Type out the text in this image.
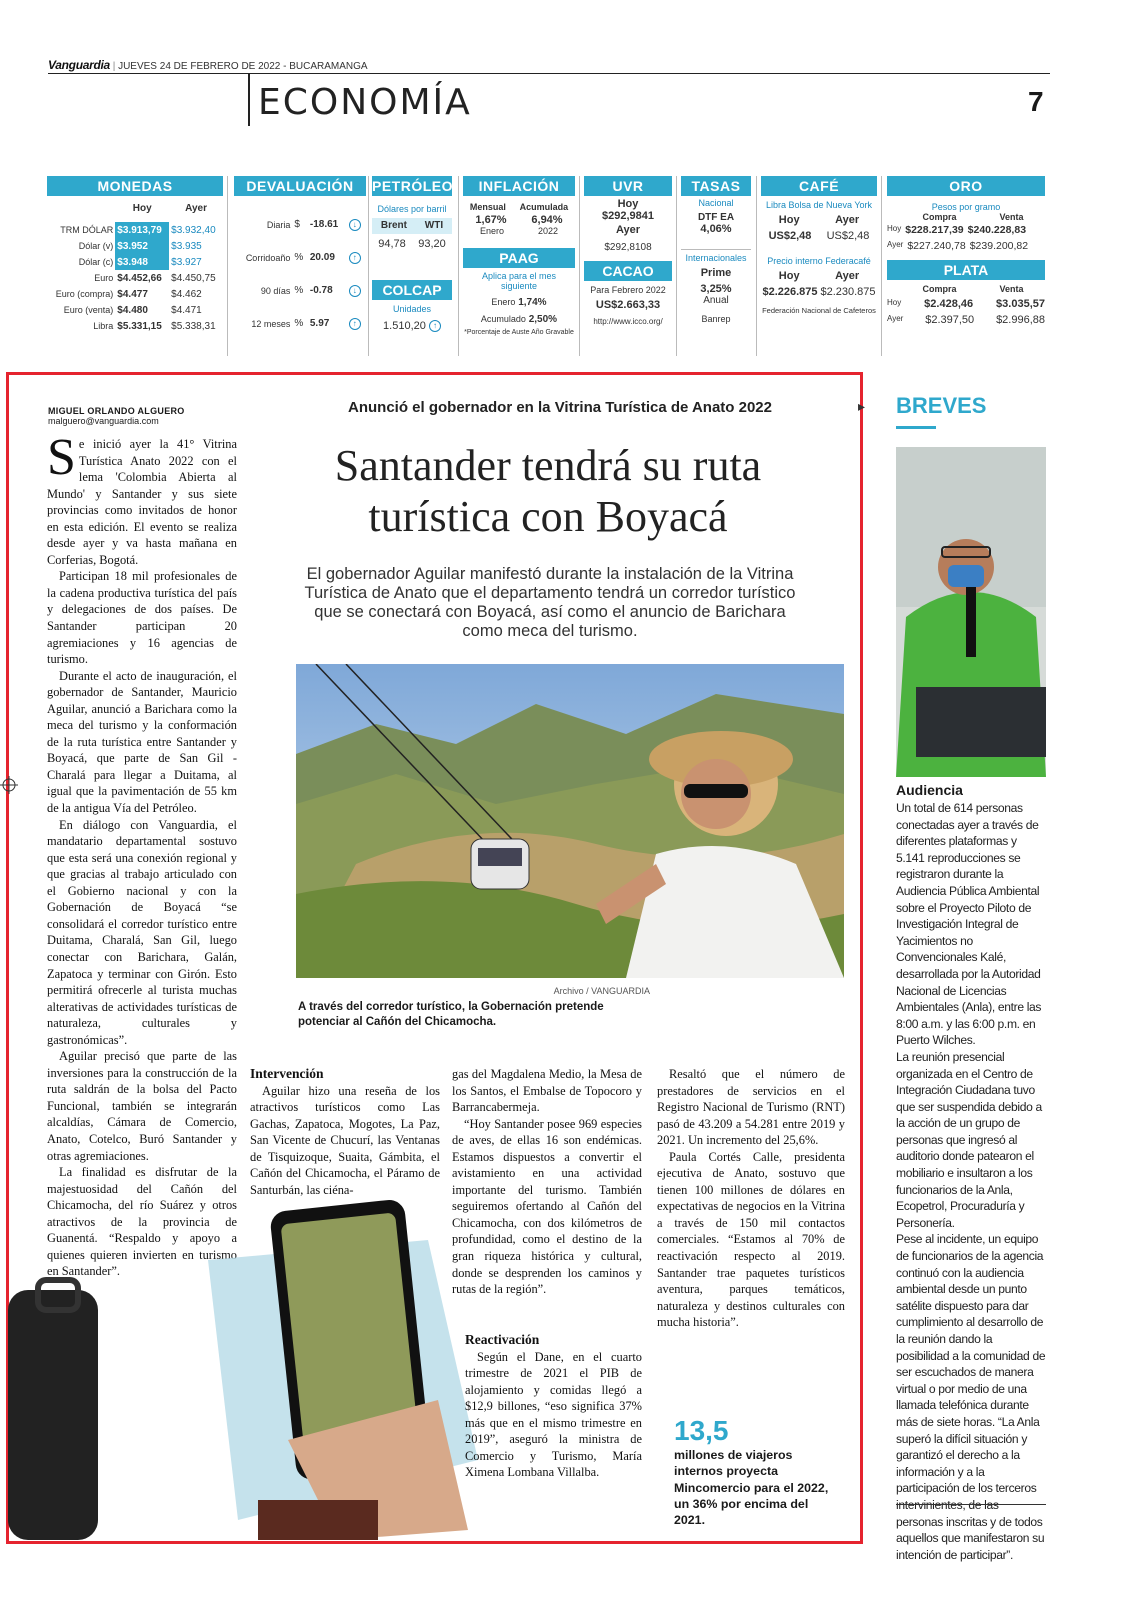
Vanguardia | JUEVES 24 DE FEBRERO DE 2022 - BUCARAMANGA
ECONOMÍA	7
MONEDAS
	Hoy	Ayer

TRM DÓLAR	$3.913,79	$3.932,40
Dólar (v)	$3.952	$3.935
Dólar (c)	$3.948	$3.927
Euro	$4.452,66	$4.450,75
Euro (compra)	$4.477	$4.462
Euro (venta)	$4.480	$4.471
Libra	$5.331,15	$5.338,31
DEVALUACIÓN
Diaria	$	-18.61	↓
Corridoaño	%	20.09	↑
90 días	%	-0.78	↓
12 meses	%	5.97	↑
PETRÓLEO
Dólares por barril
Brent WTI
94,78 93,20
COLCAP
Unidades
1.510,20 ↑
INFLACIÓN
Mensual Acumulada
1,67% 6,94%
Enero	2022
PAAG
Aplica para el mes siguiente
Enero 1,74%
Acumulado 2,50%
*Porcentaje de Auste Año Gravable
UVR
Hoy
$292,9841
Ayer
$292,8108
CACAO
Para Febrero 2022
US$2.663,33
http://www.icco.org/
TASAS
Nacional
DTF EA
4,06%
Internacionales
Prime
3,25%
Anual
Banrep
CAFÉ
Libra Bolsa de Nueva York
Hoy	Ayer
US$2,48 US$2,48
Precio interno Federacafé
Hoy	Ayer
$2.226.875 $2.230.875
Federación Nacional de Cafeteros
ORO
Pesos por gramo
Compra	Venta
Hoy $228.217,39 $240.228,83
Ayer $227.240,78 $239.200,82
PLATA
Compra	Venta
Hoy $2.428,46 $3.035,57
Ayer $2.397,50 $2.996,88
MIGUEL ORLANDO ALGUERO
malguero@vanguardia.com
Anunció el gobernador en la Vitrina Turística de Anato 2022
Santander tendrá su ruta turística con Boyacá
El gobernador Aguilar manifestó durante la instalación de la Vitrina Turística de Anato que el departamento tendrá un corredor turístico que se conectará con Boyacá, así como el anuncio de Barichara como meca del turismo.

Se inició ayer la 41° Vitrina Turística Anato 2022 con el lema 'Colombia Abierta al Mundo' y Santander y sus siete provincias como invitados de honor en esta edición. El evento se realiza desde ayer y va hasta mañana en Corferias, Bogotá.

Participan 18 mil profesionales de la cadena productiva turística del país y delegaciones de dos países. De Santander participan 20 agremiaciones y 16 agencias de turismo.

Durante el acto de inauguración, el gobernador de Santander, Mauricio Aguilar, anunció a Barichara como la meca del turismo y la conformación de la ruta turística entre Santander y Boyacá, que parte de San Gil - Charalá para llegar a Duitama, al igual que la pavimentación de 55 km de la antigua Vía del Petróleo.

En diálogo con Vanguardia, el mandatario departamental sostuvo que esta será una conexión regional y que gracias al trabajo articulado con el Gobierno nacional y con la Gobernación de Boyacá “se consolidará el corredor turístico entre Duitama, Charalá, San Gil, luego conectar con Barichara, Galán, Zapatoca y terminar con Girón. Esto permitirá ofrecerle al turista muchas alterativas de actividades turísticas de naturaleza, culturales y gastronómicas”.

Aguilar precisó que parte de las inversiones para la construcción de la ruta saldrán de la bolsa del Pacto Funcional, también se integrarán alcaldías, Cámara de Comercio, Anato, Cotelco, Buró Santander y otras agremiaciones.

La finalidad es disfrutar de la majestuosidad del Cañón del Chicamocha, del río Suárez y otros atractivos de la provincia de Guanentá. “Respaldo y apoyo a quienes quieren invierten en turismo en Santander”.

Archivo / VANGUARDIA
A través del corredor turístico, la Gobernación pretende potenciar al Cañón del Chicamocha.
Intervención

Aguilar hizo una reseña de los atractivos turísticos como Las Gachas, Zapatoca, Mogotes, La Paz, San Vicente de Chucurí, las Ventanas de Tisquizoque, Suaita, Gámbita, el Cañón del Chicamocha, el Páramo de Santurbán, las ciéna-

gas del Magdalena Medio, la Mesa de los Santos, el Embalse de Topocoro y Barrancabermeja.

“Hoy Santander posee 969 especies de aves, de ellas 16 son endémicas. Estamos dispuestos a convertir el avistamiento en una actividad importante del turismo. También seguiremos ofertando al Cañón del Chicamocha, con dos kilómetros de profundidad, como el destino de la gran riqueza histórica y cultural, donde se desprenden los caminos y rutas de la región”.

Reactivación

Según el Dane, en el cuarto trimestre de 2021 el PIB de alojamiento y comidas llegó a $12,9 billones, “eso significa 37% más que en el mismo trimestre en 2019”, aseguró la ministra de Comercio y Turismo, María Ximena Lombana Villalba.

Resaltó que el número de prestadores de servicios en el Registro Nacional de Turismo (RNT) pasó de 43.209 a 54.281 entre 2019 y 2021. Un incremento del 25,6%.

Paula Cortés Calle, presidenta ejecutiva de Anato, sostuvo que tienen 100 millones de dólares en expectativas de negocios en la Vitrina a través de 150 mil contactos comerciales. “Estamos al 70% de reactivación respecto al 2019. Santander trae paquetes turísticos aventura, parques temáticos, naturaleza y destinos culturales con mucha historia”.

13,5
millones de viajeros internos proyecta Mincomercio para el 2022, un 36% por encima del 2021.
▸ BREVES
Audiencia

Un total de 614 personas conectadas ayer a través de diferentes plataformas y 5.141 reproducciones se registraron durante la Audiencia Pública Ambiental sobre el Proyecto Piloto de Investigación Integral de Yacimientos no Convencionales Kalé, desarrollada por la Autoridad Nacional de Licencias Ambientales (Anla), entre las 8:00 a.m. y las 6:00 p.m. en Puerto Wilches.

La reunión presencial organizada en el Centro de Integración Ciudadana tuvo que ser suspendida debido a la acción de un grupo de personas que ingresó al auditorio donde patearon el mobiliario e insultaron a los funcionarios de la Anla, Ecopetrol, Procuraduría y Personería.

Pese al incidente, un equipo de funcionarios de la agencia continuó con la audiencia ambiental desde un punto satélite dispuesto para dar cumplimiento al desarrollo de la reunión dando la posibilidad a la comunidad de ser escuchados de manera virtual o por medio de una llamada telefónica durante más de siete horas. “La Anla superó la difícil situación y garantizó el derecho a la información y a la participación de los terceros personas inscritas y de todos aquellos que manifestaron su intención de participar”.
